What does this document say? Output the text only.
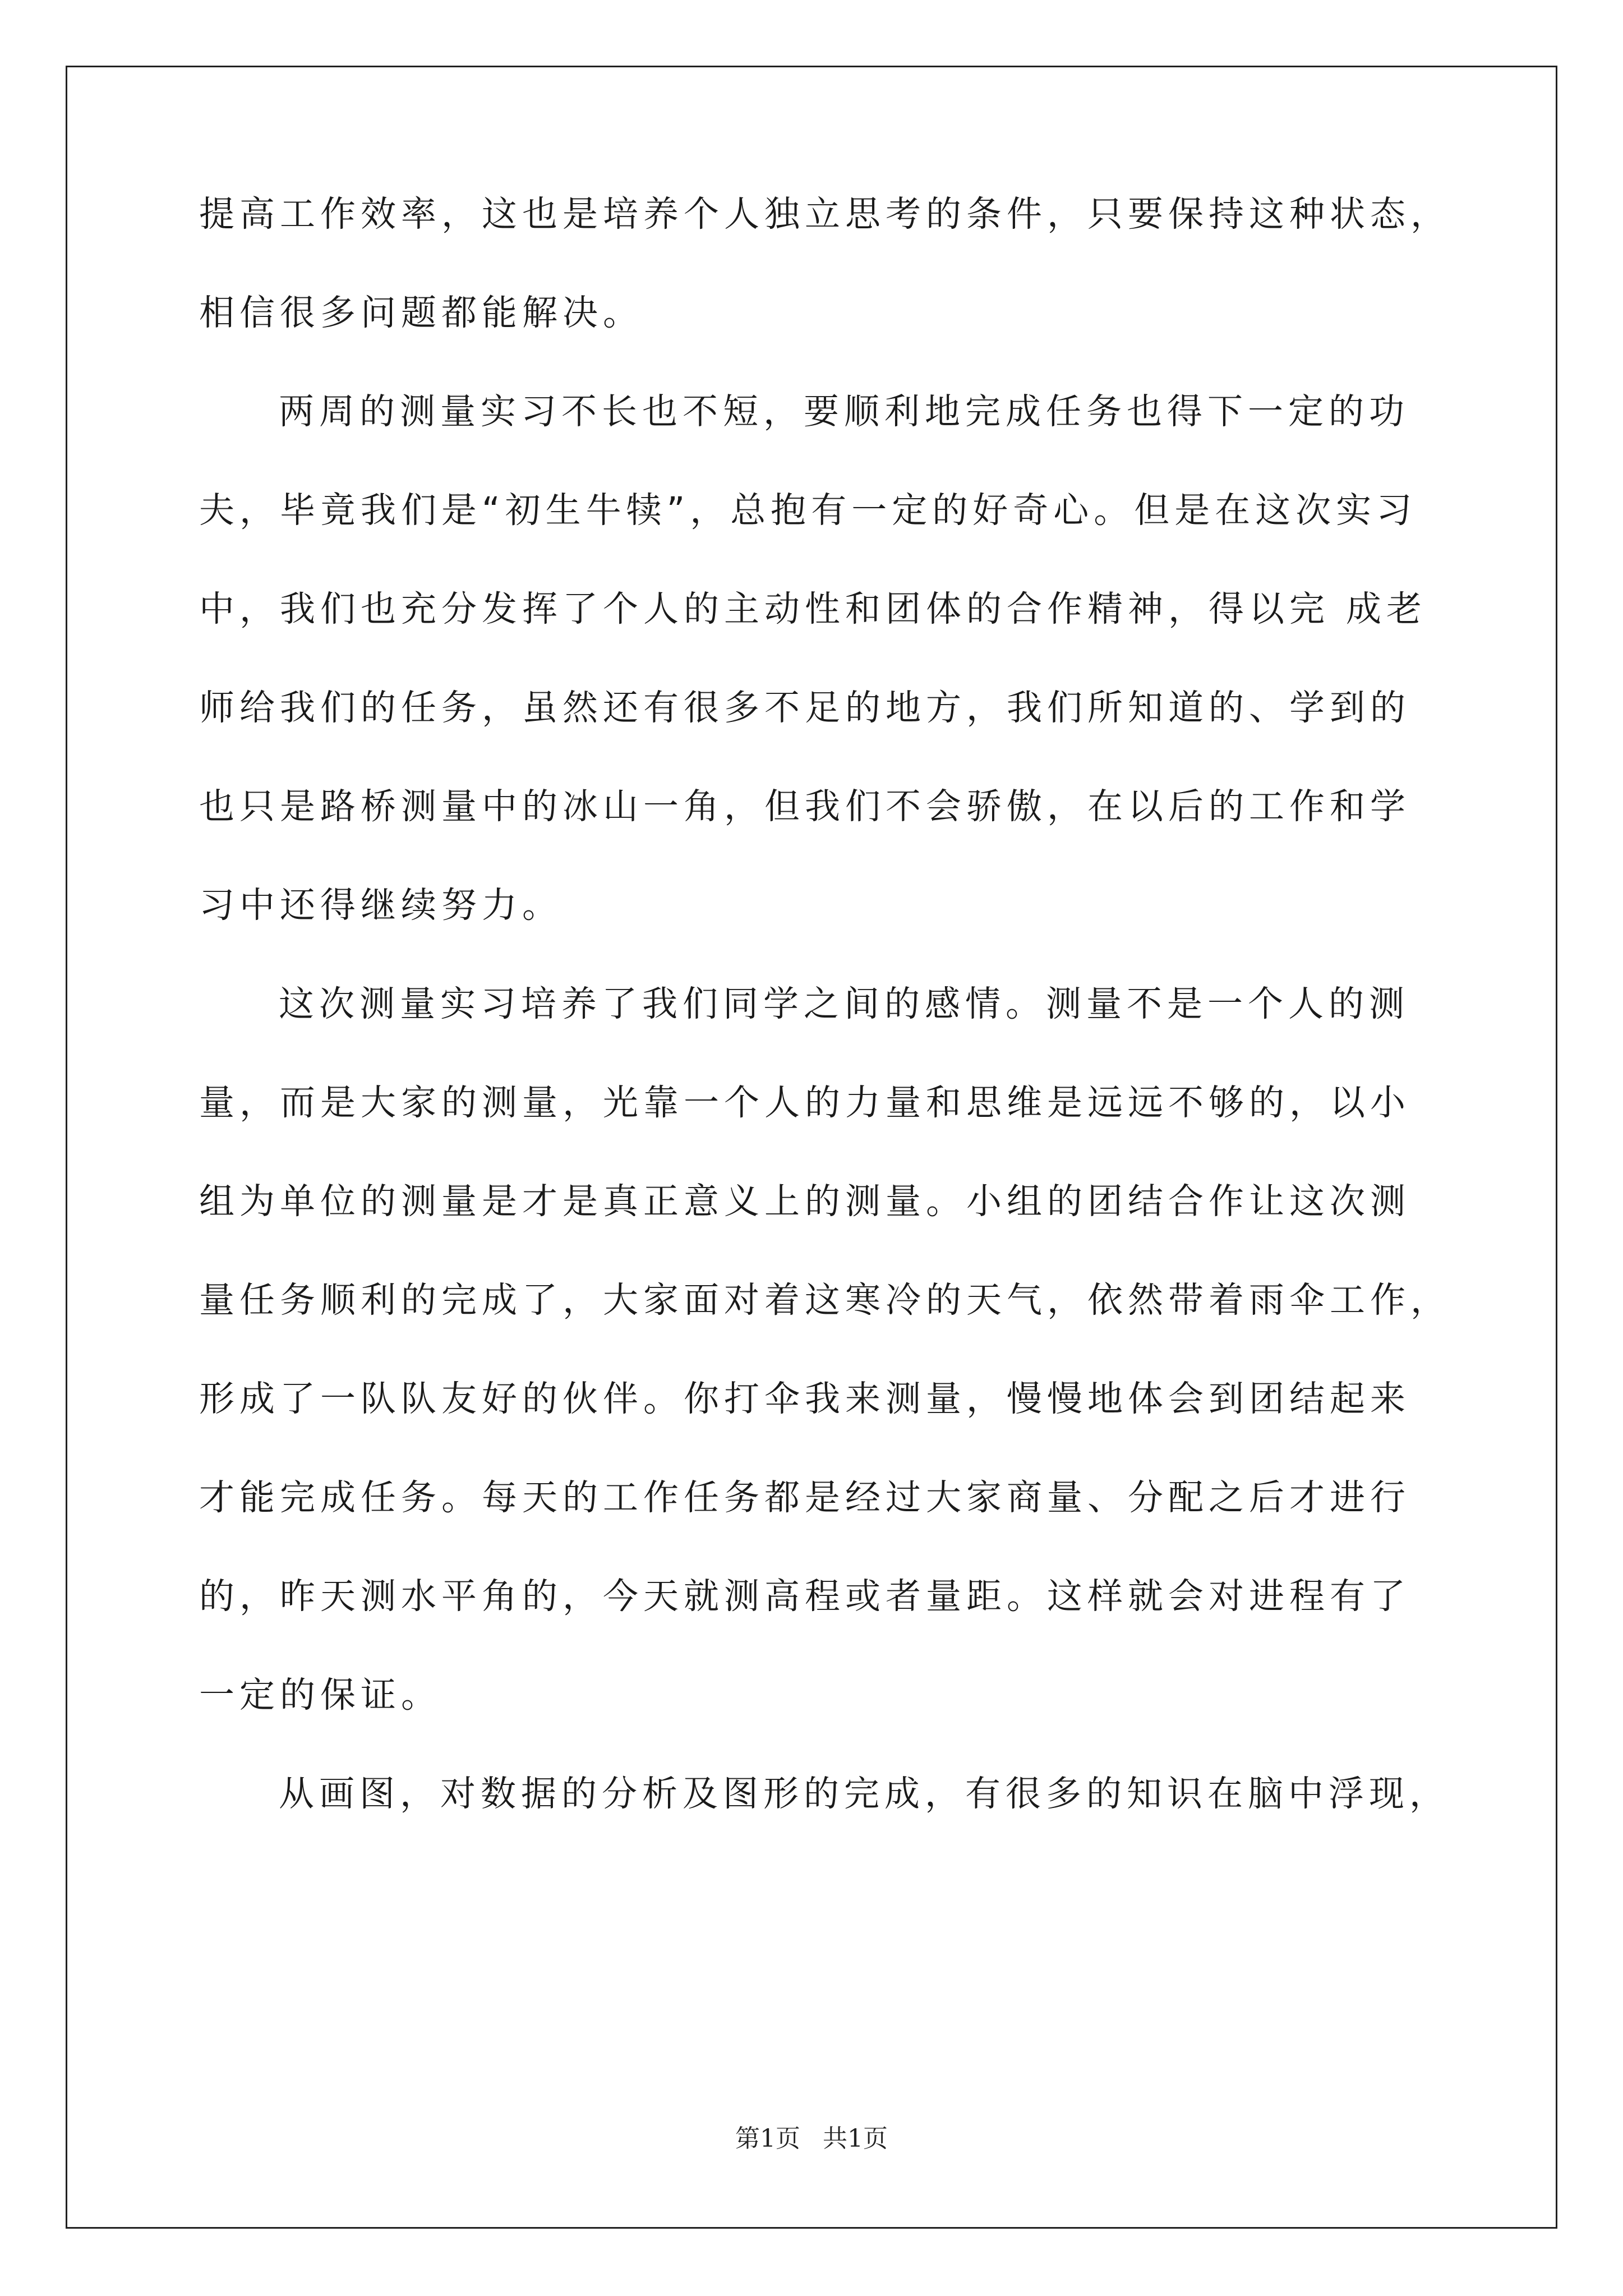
提高工作效率，这也是培养个人独立思考的条件，只要保持这种状态，
相信很多问题都能解决。
两周的测量实习不长也不短，要顺利地完成任务也得下一定的功
夫，毕竟我们是“初生牛犊”，总抱有一定的好奇心。但是在这次实习
中，我们也充分发挥了个人的主动性和团体的合作精神，得以完 成老
师给我们的任务，虽然还有很多不足的地方，我们所知道的、学到的
也只是路桥测量中的冰山一角，但我们不会骄傲，在以后的工作和学
习中还得继续努力。
这次测量实习培养了我们同学之间的感情。测量不是一个人的测
量，而是大家的测量，光靠一个人的力量和思维是远远不够的，以小
组为单位的测量是才是真正意义上的测量。小组的团结合作让这次测
量任务顺利的完成了，大家面对着这寒冷的天气，依然带着雨伞工作，
形成了一队队友好的伙伴。你打伞我来测量，慢慢地体会到团结起来
才能完成任务。每天的工作任务都是经过大家商量、分配之后才进行
的，昨天测水平角的，今天就测高程或者量距。这样就会对进程有了
一定的保证。
从画图，对数据的分析及图形的完成，有很多的知识在脑中浮现，
第1页 共1页
